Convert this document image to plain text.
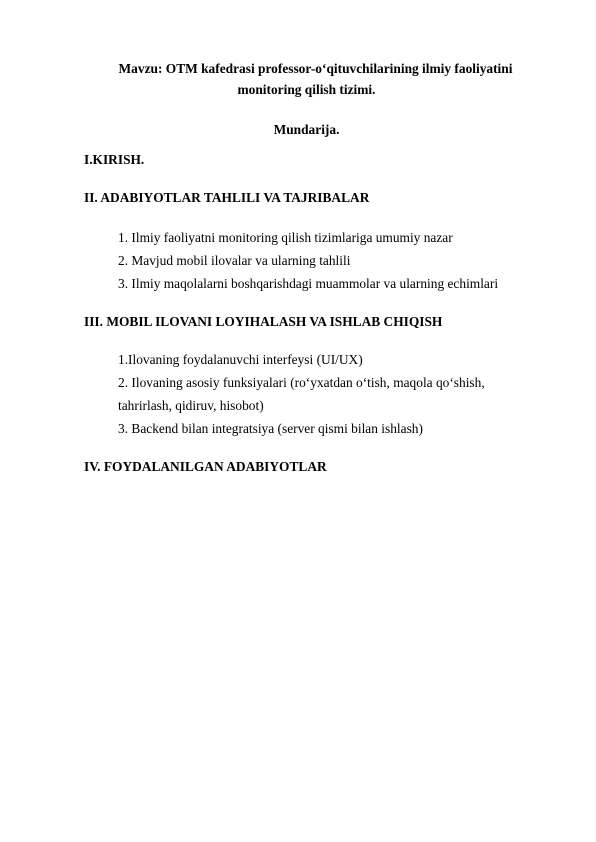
Mavzu: OTM kafedrasi professor-o‘qituvchilarining ilmiy faoliyatini
monitoring qilish tizimi.
Mundarija.
I.KIRISH.
II. ADABIYOTLAR TAHLILI VA TAJRIBALAR
1. Ilmiy faoliyatni monitoring qilish tizimlariga umumiy nazar
2. Mavjud mobil ilovalar va ularning tahlili
3. Ilmiy maqolalarni boshqarishdagi muammolar va ularning echimlari
III. MOBIL ILOVANI LOYIHALASH VA ISHLAB CHIQISH
1.Ilovaning foydalanuvchi interfeysi (UI/UX)
2. Ilovaning asosiy funksiyalari (ro‘yxatdan o‘tish, maqola qo‘shish,
tahrirlash, qidiruv, hisobot)
3. Backend bilan integratsiya (server qismi bilan ishlash)
IV. FOYDALANILGAN ADABIYOTLAR
